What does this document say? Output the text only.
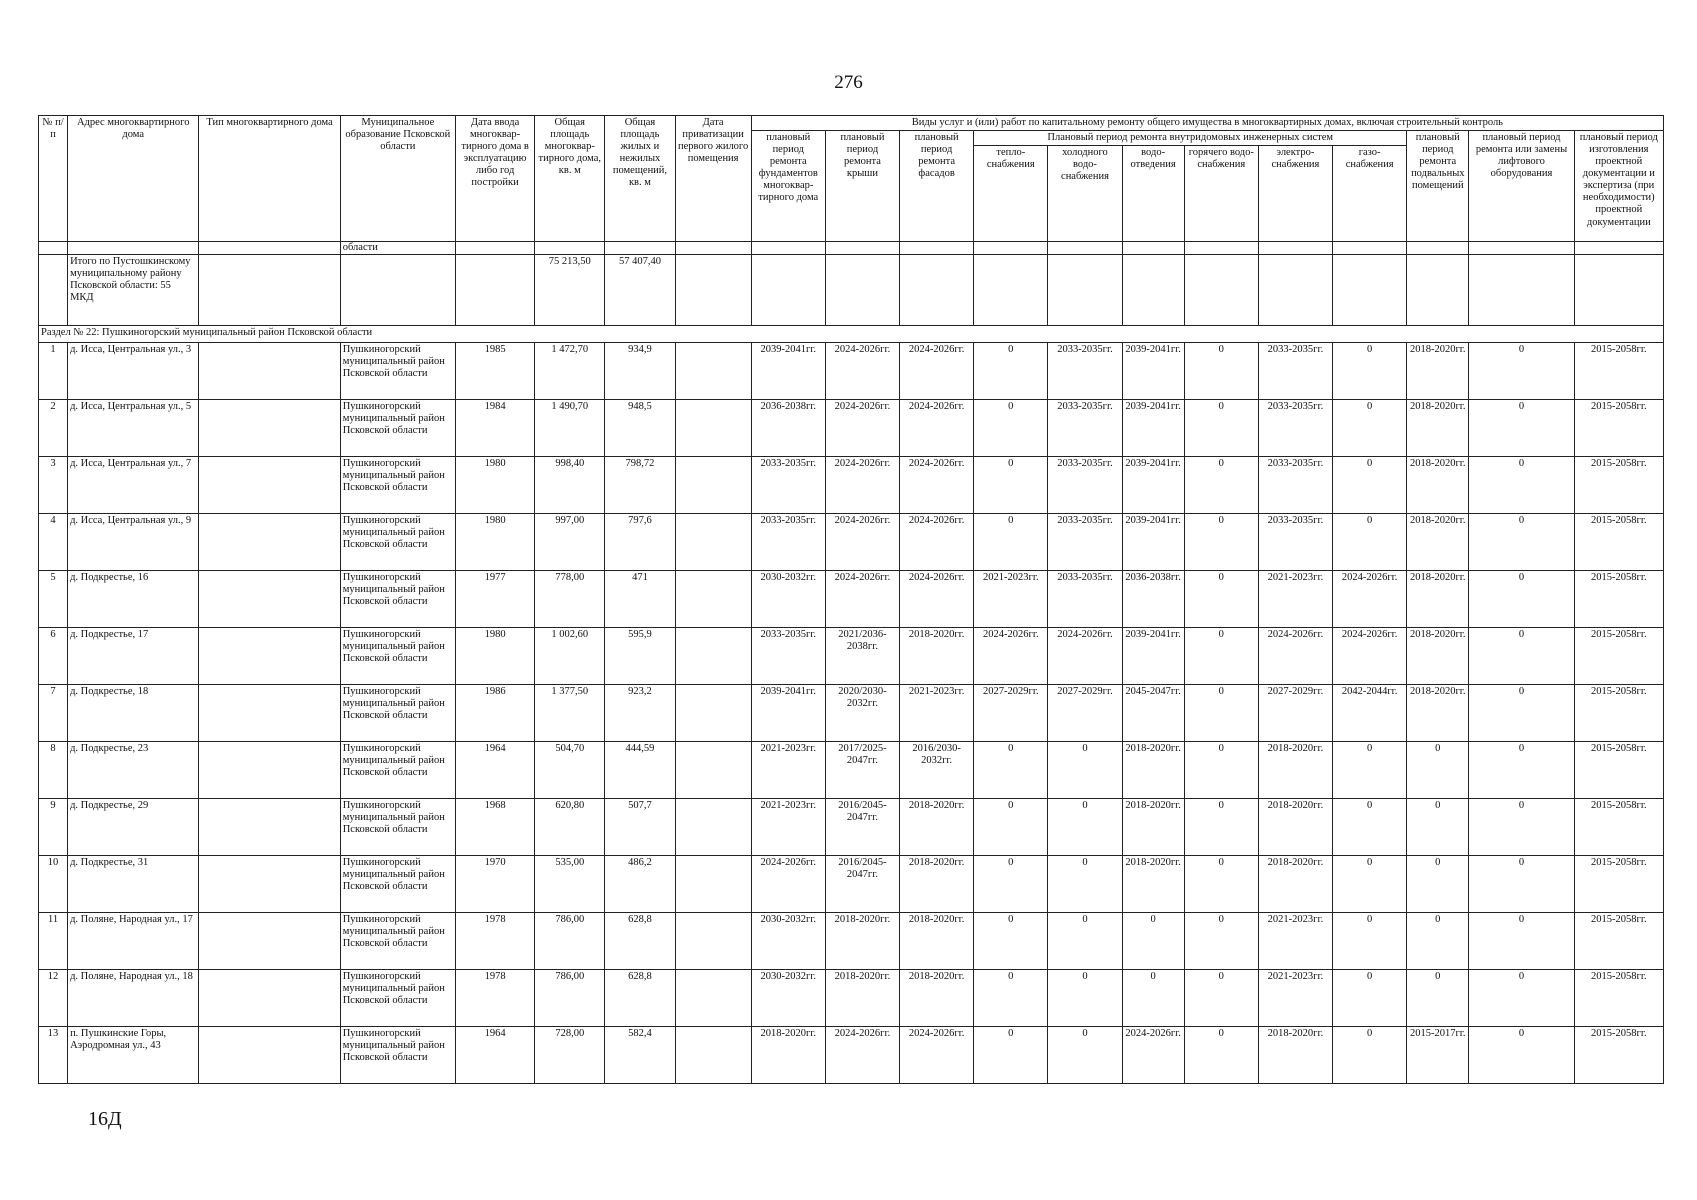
276
№ п/п	Адрес многоквартирного дома	Тип многоквартирного дома	Муниципальное образование Псковской области	Дата ввода многоквар-тирного дома в эксплуатацию либо год постройки	Общая площадь многоквар-тирного дома, кв. м	Общая площадь жилых и нежилых помещений, кв. м	Дата приватизации первого жилого помещения	Виды услуг и (или) работ по капитальному ремонту общего имущества в многоквартирных домах, включая строительный контроль											
								плановый период ремонта фундаментов многоквар-тирного дома	плановый период ремонта крыши	плановый период ремонта фасадов	Плановый период ремонта внутридомовых инженерных систем						плановый период ремонта подвальных помещений	плановый период ремонта или замены лифтового оборудования	плановый период изготовления проектной документации и экспертиза (при необходимости) проектной документации
											тепло-снабжения	холодного водо-снабжения	водо-отведения	горячего водо-снабжения	электро-снабжения	газо-снабжения			
			области																
	Итого по Пустошкинскому муниципальному району Псковской области: 55 МКД				75 213,50	57 407,40													
Раздел № 22: Пушкиногорский муниципальный район Псковской области																			
1	д. Исса, Центральная ул., 3		Пушкиногорский муниципальный район Псковской области	1985	1 472,70	934,9		2039-2041гг.	2024-2026гг.	2024-2026гг.	0	2033-2035гг.	2039-2041гг.	0	2033-2035гг.	0	2018-2020гг.	0	2015-2058гг.
2	д. Исса, Центральная ул., 5		Пушкиногорский муниципальный район Псковской области	1984	1 490,70	948,5		2036-2038гг.	2024-2026гг.	2024-2026гг.	0	2033-2035гг.	2039-2041гг.	0	2033-2035гг.	0	2018-2020гг.	0	2015-2058гг.
3	д. Исса, Центральная ул., 7		Пушкиногорский муниципальный район Псковской области	1980	998,40	798,72		2033-2035гг.	2024-2026гг.	2024-2026гг.	0	2033-2035гг.	2039-2041гг.	0	2033-2035гг.	0	2018-2020гг.	0	2015-2058гг.
4	д. Исса, Центральная ул., 9		Пушкиногорский муниципальный район Псковской области	1980	997,00	797,6		2033-2035гг.	2024-2026гг.	2024-2026гг.	0	2033-2035гг.	2039-2041гг.	0	2033-2035гг.	0	2018-2020гг.	0	2015-2058гг.
5	д. Подкрестье, 16		Пушкиногорский муниципальный район Псковской области	1977	778,00	471		2030-2032гг.	2024-2026гг.	2024-2026гг.	2021-2023гг.	2033-2035гг.	2036-2038гг.	0	2021-2023гг.	2024-2026гг.	2018-2020гг.	0	2015-2058гг.
6	д. Подкрестье, 17		Пушкиногорский муниципальный район Псковской области	1980	1 002,60	595,9		2033-2035гг.	2021/2036-2038гг.	2018-2020гг.	2024-2026гг.	2024-2026гг.	2039-2041гг.	0	2024-2026гг.	2024-2026гг.	2018-2020гг.	0	2015-2058гг.
7	д. Подкрестье, 18		Пушкиногорский муниципальный район Псковской области	1986	1 377,50	923,2		2039-2041гг.	2020/2030-2032гг.	2021-2023гг.	2027-2029гг.	2027-2029гг.	2045-2047гг.	0	2027-2029гг.	2042-2044гг.	2018-2020гг.	0	2015-2058гг.
8	д. Подкрестье, 23		Пушкиногорский муниципальный район Псковской области	1964	504,70	444,59		2021-2023гг.	2017/2025-2047гг.	2016/2030-2032гг.	0	0	2018-2020гг.	0	2018-2020гг.	0	0	0	2015-2058гг.
9	д. Подкрестье, 29		Пушкиногорский муниципальный район Псковской области	1968	620,80	507,7		2021-2023гг.	2016/2045-2047гг.	2018-2020гг.	0	0	2018-2020гг.	0	2018-2020гг.	0	0	0	2015-2058гг.
10	д. Подкрестье, 31		Пушкиногорский муниципальный район Псковской области	1970	535,00	486,2		2024-2026гг.	2016/2045-2047гг.	2018-2020гг.	0	0	2018-2020гг.	0	2018-2020гг.	0	0	0	2015-2058гг.
11	д. Поляне, Народная ул., 17		Пушкиногорский муниципальный район Псковской области	1978	786,00	628,8		2030-2032гг.	2018-2020гг.	2018-2020гг.	0	0	0	0	2021-2023гг.	0	0	0	2015-2058гг.
12	д. Поляне, Народная ул., 18		Пушкиногорский муниципальный район Псковской области	1978	786,00	628,8		2030-2032гг.	2018-2020гг.	2018-2020гг.	0	0	0	0	2021-2023гг.	0	0	0	2015-2058гг.
13	п. Пушкинские Горы, Аэродромная ул., 43		Пушкиногорский муниципальный район Псковской области	1964	728,00	582,4		2018-2020гг.	2024-2026гг.	2024-2026гг.	0	0	2024-2026гг.	0	2018-2020гг.	0	2015-2017гг.	0	2015-2058гг.
16Д
